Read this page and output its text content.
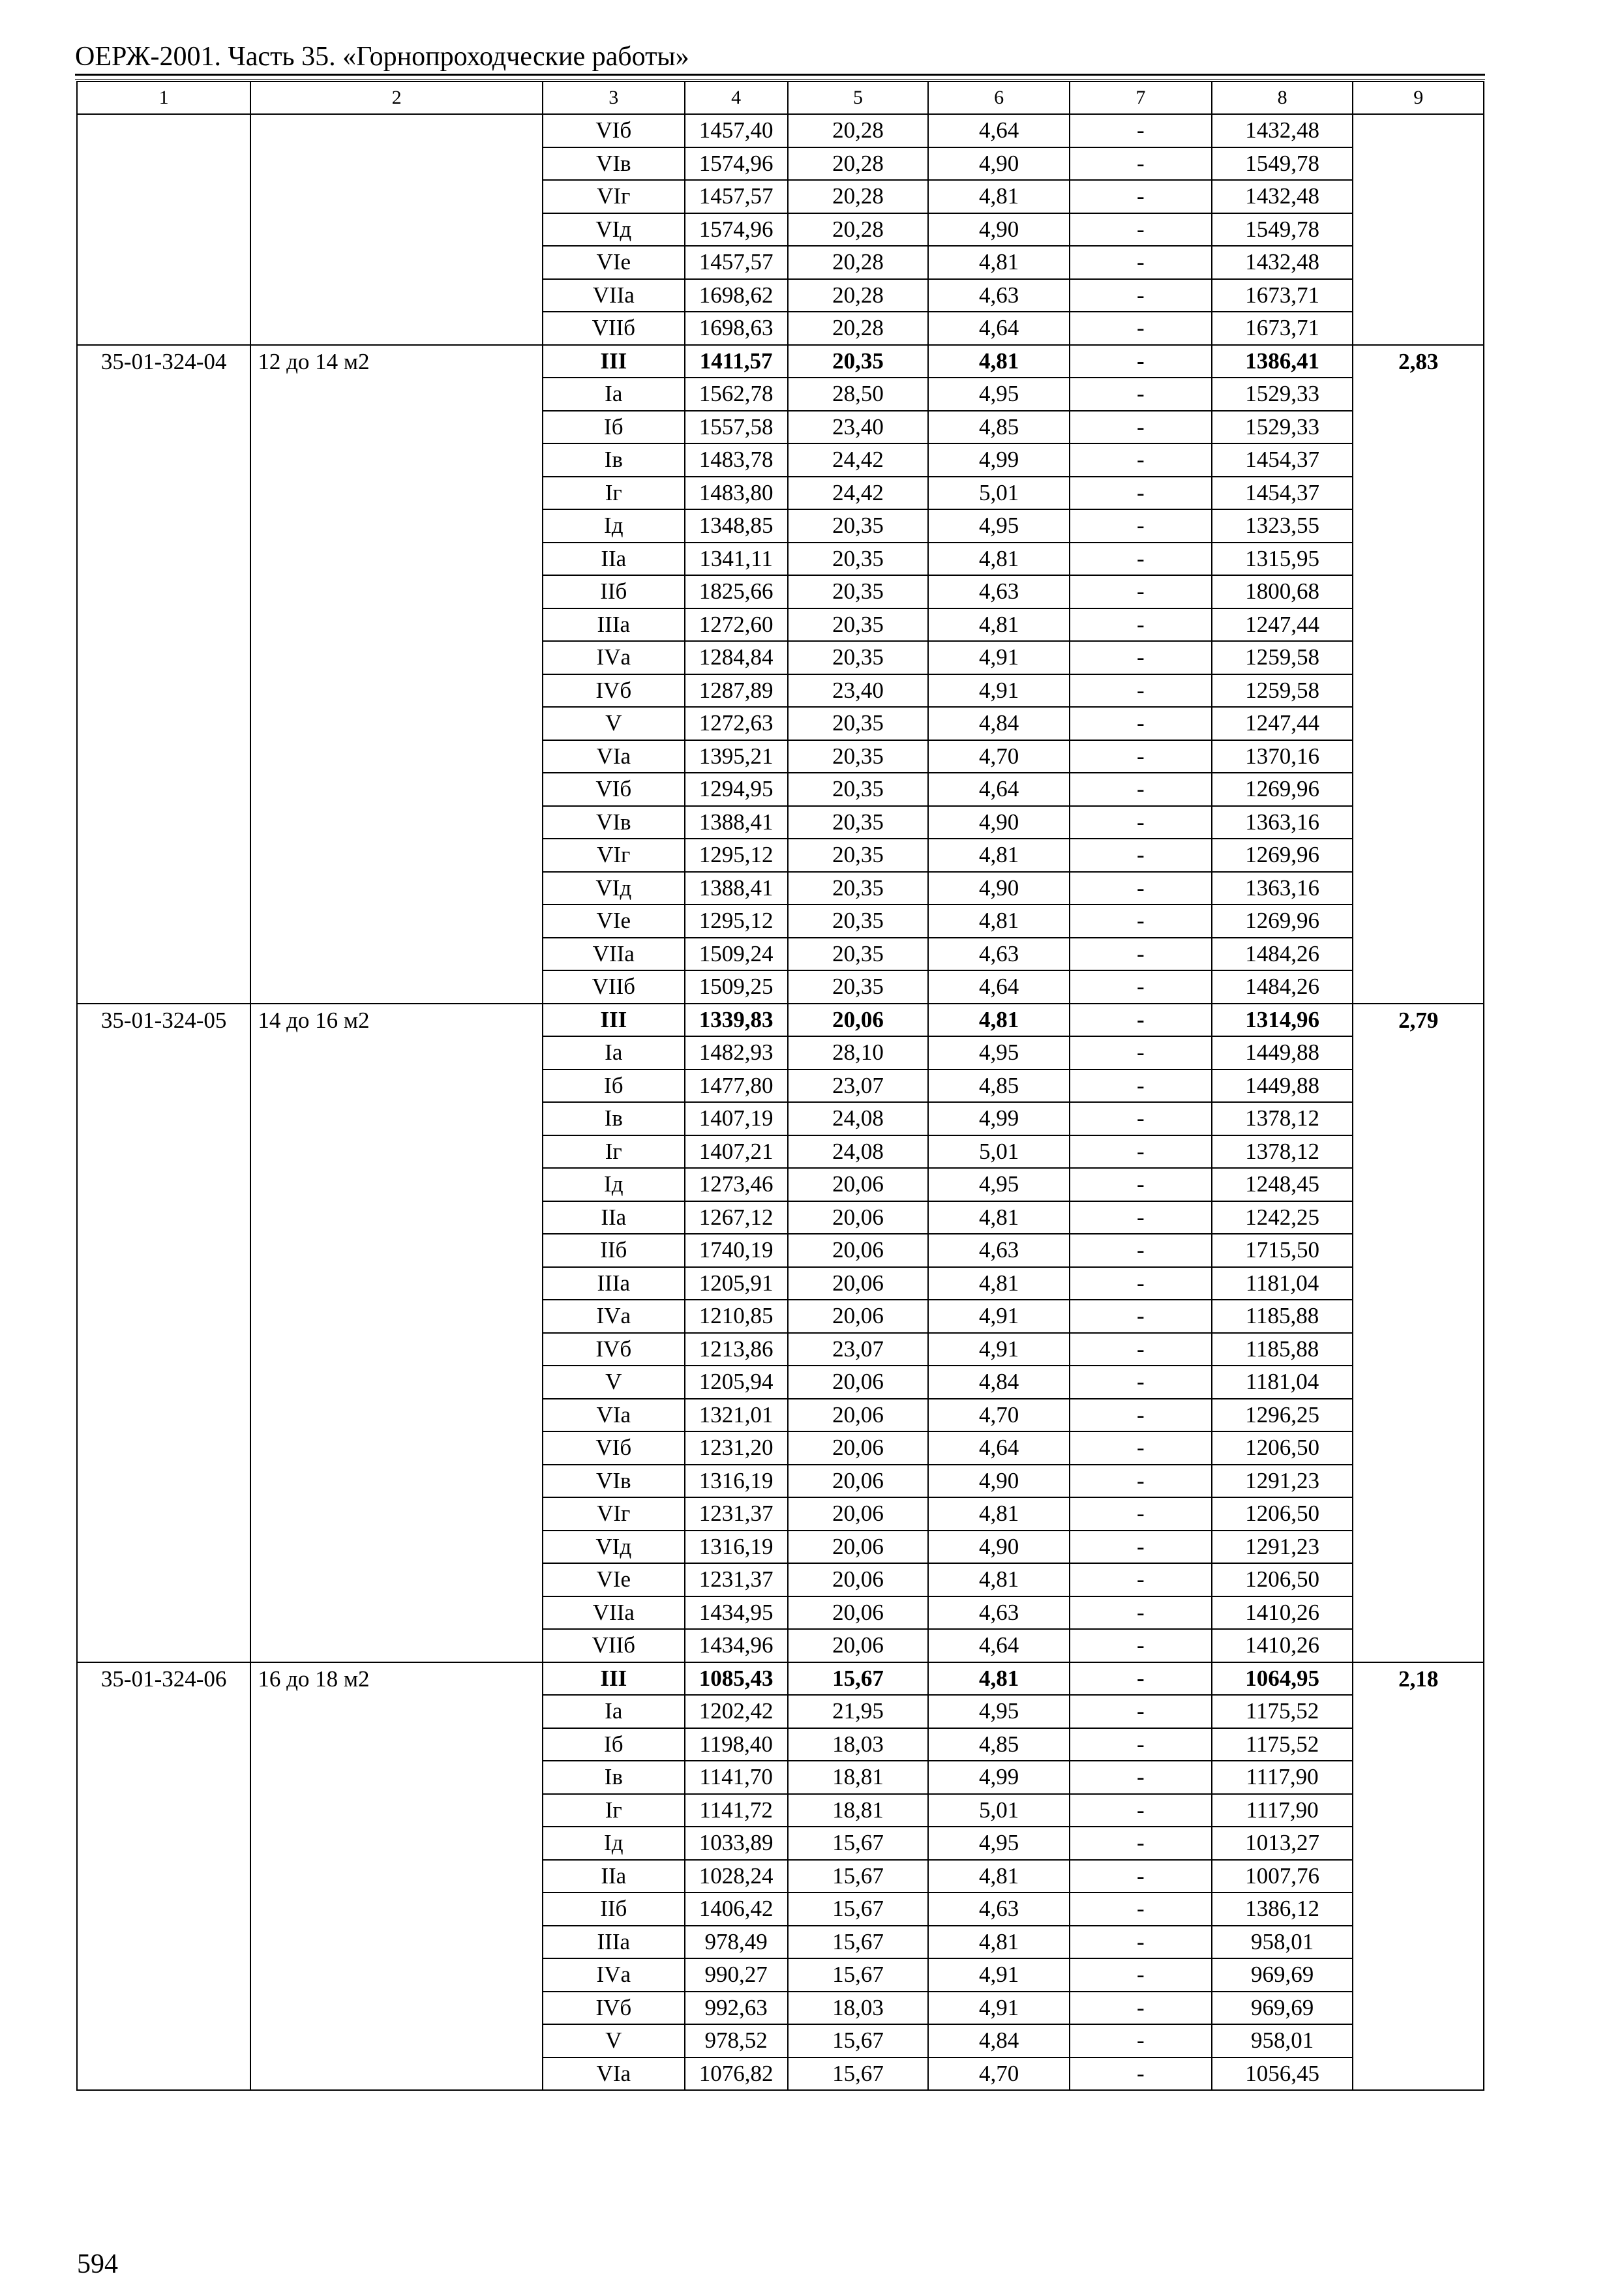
ОЕРЖ-2001. Часть 35. «Горнопроходческие работы»
1	2	3	4	5	6	7	8	9
		VIб	1457,40	20,28	4,64	-	1432,48	
		VIв	1574,96	20,28	4,90	-	1549,78	
		VIг	1457,57	20,28	4,81	-	1432,48	
		VIд	1574,96	20,28	4,90	-	1549,78	
		VIе	1457,57	20,28	4,81	-	1432,48	
		VIIа	1698,62	20,28	4,63	-	1673,71	
		VIIб	1698,63	20,28	4,64	-	1673,71	
35-01-324-04	12 до 14 м2	III	1411,57	20,35	4,81	-	1386,41	2,83
		Iа	1562,78	28,50	4,95	-	1529,33	
		Iб	1557,58	23,40	4,85	-	1529,33	
		Iв	1483,78	24,42	4,99	-	1454,37	
		Iг	1483,80	24,42	5,01	-	1454,37	
		Iд	1348,85	20,35	4,95	-	1323,55	
		IIа	1341,11	20,35	4,81	-	1315,95	
		IIб	1825,66	20,35	4,63	-	1800,68	
		IIIа	1272,60	20,35	4,81	-	1247,44	
		IVа	1284,84	20,35	4,91	-	1259,58	
		IVб	1287,89	23,40	4,91	-	1259,58	
		V	1272,63	20,35	4,84	-	1247,44	
		VIа	1395,21	20,35	4,70	-	1370,16	
		VIб	1294,95	20,35	4,64	-	1269,96	
		VIв	1388,41	20,35	4,90	-	1363,16	
		VIг	1295,12	20,35	4,81	-	1269,96	
		VIд	1388,41	20,35	4,90	-	1363,16	
		VIе	1295,12	20,35	4,81	-	1269,96	
		VIIа	1509,24	20,35	4,63	-	1484,26	
		VIIб	1509,25	20,35	4,64	-	1484,26	
35-01-324-05	14 до 16 м2	III	1339,83	20,06	4,81	-	1314,96	2,79
		Iа	1482,93	28,10	4,95	-	1449,88	
		Iб	1477,80	23,07	4,85	-	1449,88	
		Iв	1407,19	24,08	4,99	-	1378,12	
		Iг	1407,21	24,08	5,01	-	1378,12	
		Iд	1273,46	20,06	4,95	-	1248,45	
		IIа	1267,12	20,06	4,81	-	1242,25	
		IIб	1740,19	20,06	4,63	-	1715,50	
		IIIа	1205,91	20,06	4,81	-	1181,04	
		IVа	1210,85	20,06	4,91	-	1185,88	
		IVб	1213,86	23,07	4,91	-	1185,88	
		V	1205,94	20,06	4,84	-	1181,04	
		VIа	1321,01	20,06	4,70	-	1296,25	
		VIб	1231,20	20,06	4,64	-	1206,50	
		VIв	1316,19	20,06	4,90	-	1291,23	
		VIг	1231,37	20,06	4,81	-	1206,50	
		VIд	1316,19	20,06	4,90	-	1291,23	
		VIе	1231,37	20,06	4,81	-	1206,50	
		VIIа	1434,95	20,06	4,63	-	1410,26	
		VIIб	1434,96	20,06	4,64	-	1410,26	
35-01-324-06	16 до 18 м2	III	1085,43	15,67	4,81	-	1064,95	2,18
		Iа	1202,42	21,95	4,95	-	1175,52	
		Iб	1198,40	18,03	4,85	-	1175,52	
		Iв	1141,70	18,81	4,99	-	1117,90	
		Iг	1141,72	18,81	5,01	-	1117,90	
		Iд	1033,89	15,67	4,95	-	1013,27	
		IIа	1028,24	15,67	4,81	-	1007,76	
		IIб	1406,42	15,67	4,63	-	1386,12	
		IIIа	978,49	15,67	4,81	-	958,01	
		IVа	990,27	15,67	4,91	-	969,69	
		IVб	992,63	18,03	4,91	-	969,69	
		V	978,52	15,67	4,84	-	958,01	
		VIа	1076,82	15,67	4,70	-	1056,45	
594
